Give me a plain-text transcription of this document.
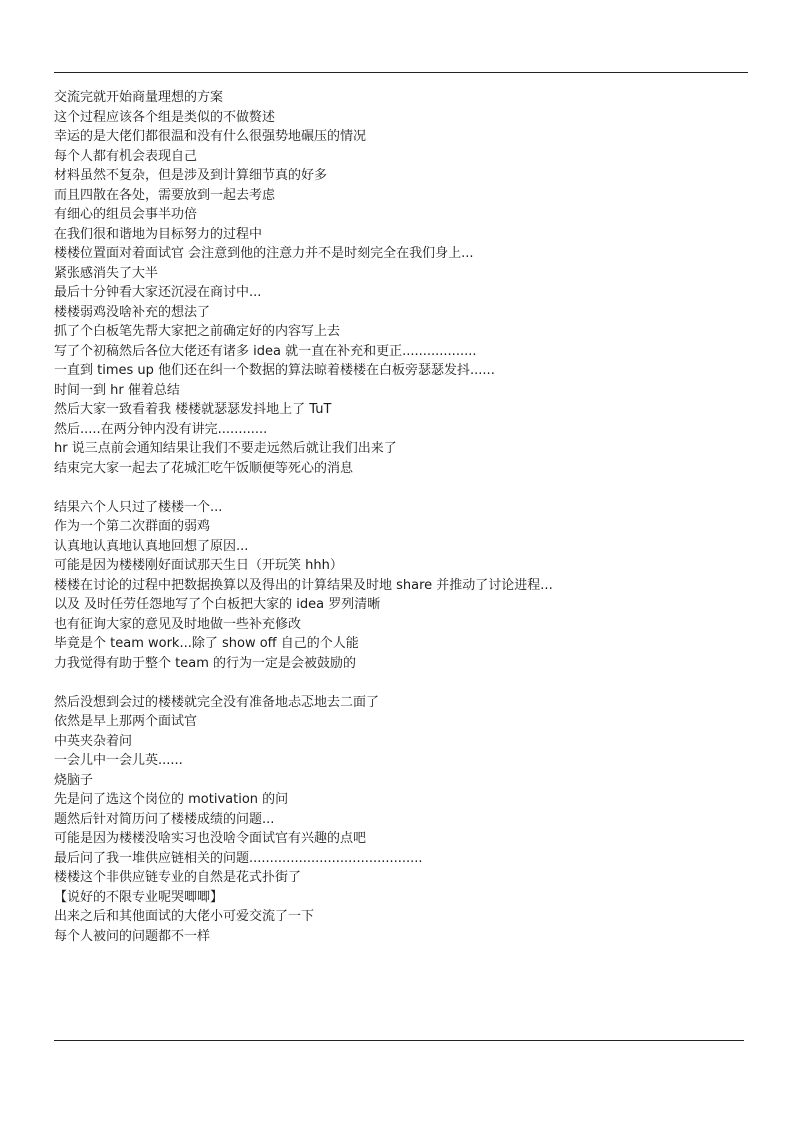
交流完就开始商量理想的方案
这个过程应该各个组是类似的不做赘述
幸运的是大佬们都很温和没有什么很强势地碾压的情况
每个人都有机会表现自己
材料虽然不复杂，但是涉及到计算细节真的好多
而且四散在各处，需要放到一起去考虑
有细心的组员会事半功倍
在我们很和谐地为目标努力的过程中
楼楼位置面对着面试官 会注意到他的注意力并不是时刻完全在我们身上...
紧张感消失了大半
最后十分钟看大家还沉浸在商讨中...
楼楼弱鸡没啥补充的想法了
抓了个白板笔先帮大家把之前确定好的内容写上去
写了个初稿然后各位大佬还有诸多 idea 就一直在补充和更正..................
一直到 times up 他们还在纠一个数据的算法晾着楼楼在白板旁瑟瑟发抖......
时间一到 hr 催着总结
然后大家一致看着我 楼楼就瑟瑟发抖地上了 TuT
然后.....在两分钟内没有讲完............
hr 说三点前会通知结果让我们不要走远然后就让我们出来了
结束完大家一起去了花城汇吃午饭顺便等死心的消息
结果六个人只过了楼楼一个...
作为一个第二次群面的弱鸡
认真地认真地认真地回想了原因...
可能是因为楼楼刚好面试那天生日（开玩笑 hhh）
楼楼在讨论的过程中把数据换算以及得出的计算结果及时地 share 并推动了讨论进程...
以及 及时任劳任怨地写了个白板把大家的 idea 罗列清晰
也有征询大家的意见及时地做一些补充修改
毕竟是个 team work...除了 show off 自己的个人能
力我觉得有助于整个 team 的行为一定是会被鼓励的
然后没想到会过的楼楼就完全没有准备地忐忑地去二面了
依然是早上那两个面试官
中英夹杂着问
一会儿中一会儿英......
烧脑子
先是问了选这个岗位的 motivation 的问
题然后针对简历问了楼楼成绩的问题...
可能是因为楼楼没啥实习也没啥令面试官有兴趣的点吧
最后问了我一堆供应链相关的问题..........................................
楼楼这个非供应链专业的自然是花式扑街了
【说好的不限专业呢哭唧唧】
出来之后和其他面试的大佬小可爱交流了一下
每个人被问的问题都不一样
